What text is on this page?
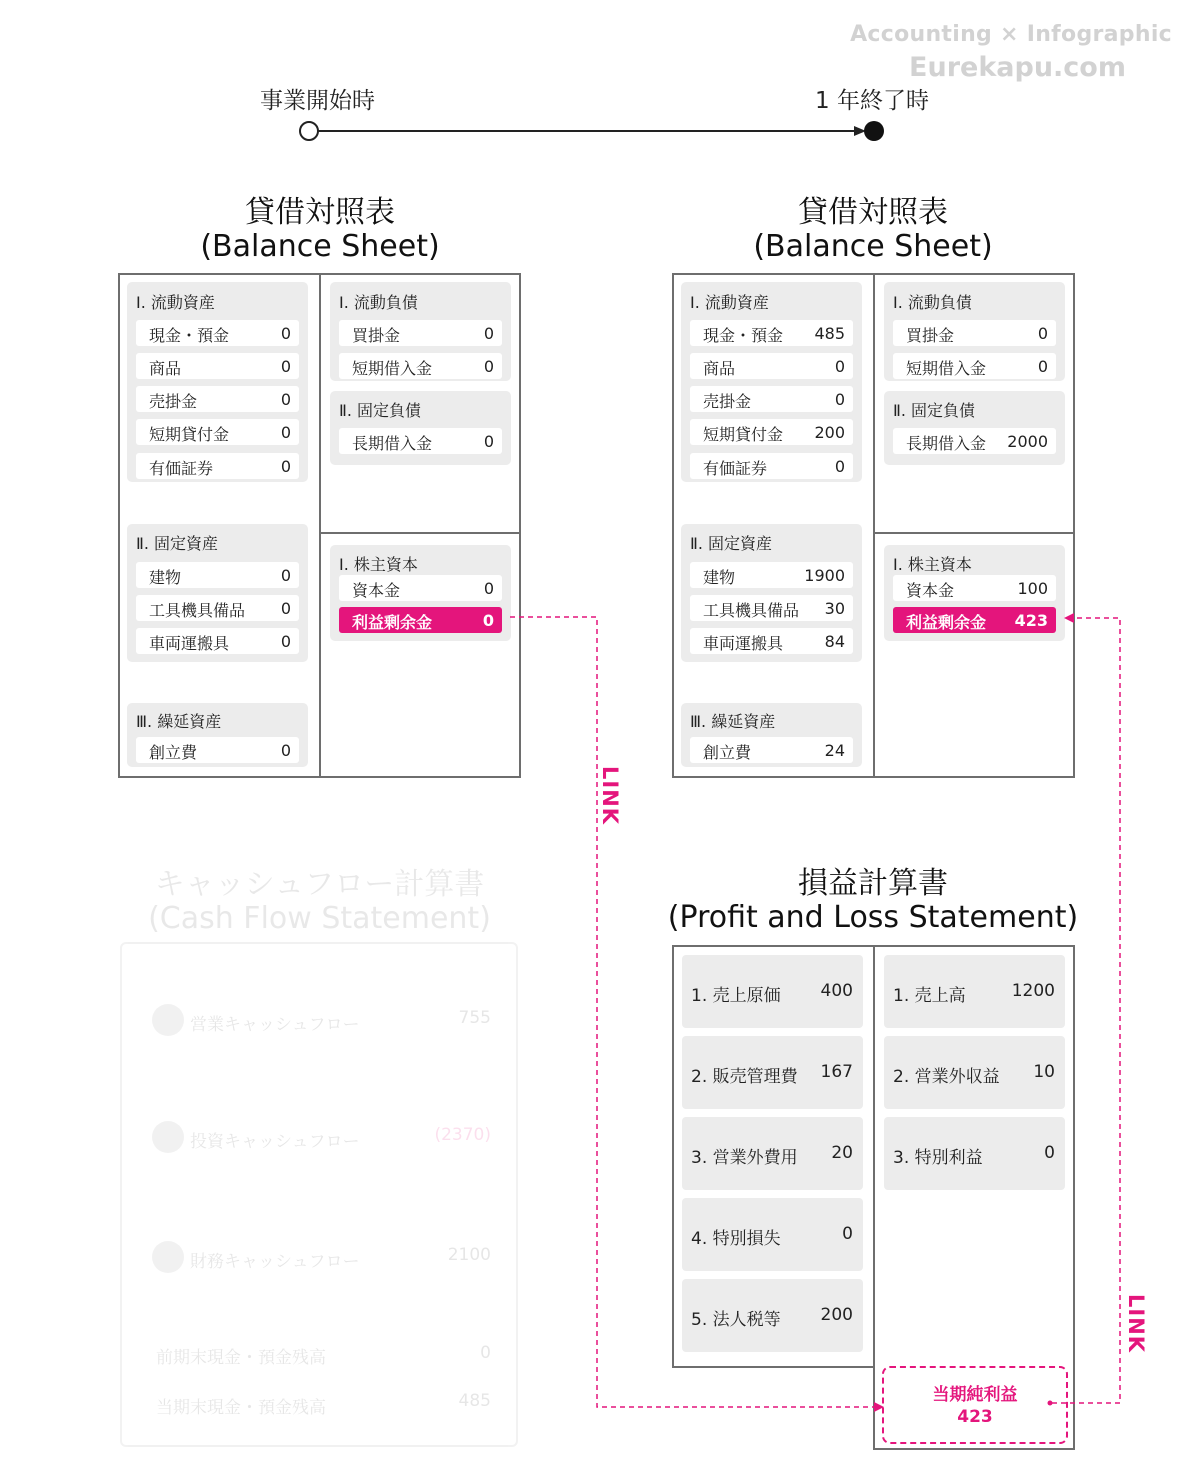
Accounting × Infographic
Eurekapu.com
事業開始時	1 年終了時
貸借対照表
(Balance Sheet)
貸借対照表
(Balance Sheet)
Ⅰ. 流動資産
現金・預金	0
商品	0
売掛金	0
短期貸付金	0
有価証券	0
Ⅱ. 固定資産
建物	0
工具機具備品 0
車両運搬具	0
Ⅲ. 繰延資産
創立費	0
Ⅰ. 流動負債
買掛金	0
短期借入金	0
Ⅱ. 固定負債
長期借入金	0
Ⅰ. 株主資本
資本金	0
利益剰余金	0
Ⅰ. 流動資産
現金・預金 485
商品	0
売掛金	0
短期貸付金 200
有価証券	0
Ⅱ. 固定資産
建物	1900
工具機具備品 30
車両運搬具	84
Ⅲ. 繰延資産
創立費	24
Ⅰ. 流動負債
買掛金	0
短期借入金	0
Ⅱ. 固定負債
長期借入金 2000
Ⅰ. 株主資本
資本金	100
利益剰余金 423
損益計算書
(Profit and Loss Statement)
1. 売上原価 400
2. 販売管理費 167
3. 営業外費用 20
4. 特別損失	0
5. 法人税等 200
1. 売上高	1200
2. 営業外収益 10
3. 特別利益	0
当期純利益
423
LINK
LINK
キャッシュフロー計算書
(Cash Flow Statement)
営業キャッシュフロー	755
投資キャッシュフロー	(2370)
財務キャッシュフロー	2100
前期末現金・預金残高	0
当期末現金・預金残高	485
